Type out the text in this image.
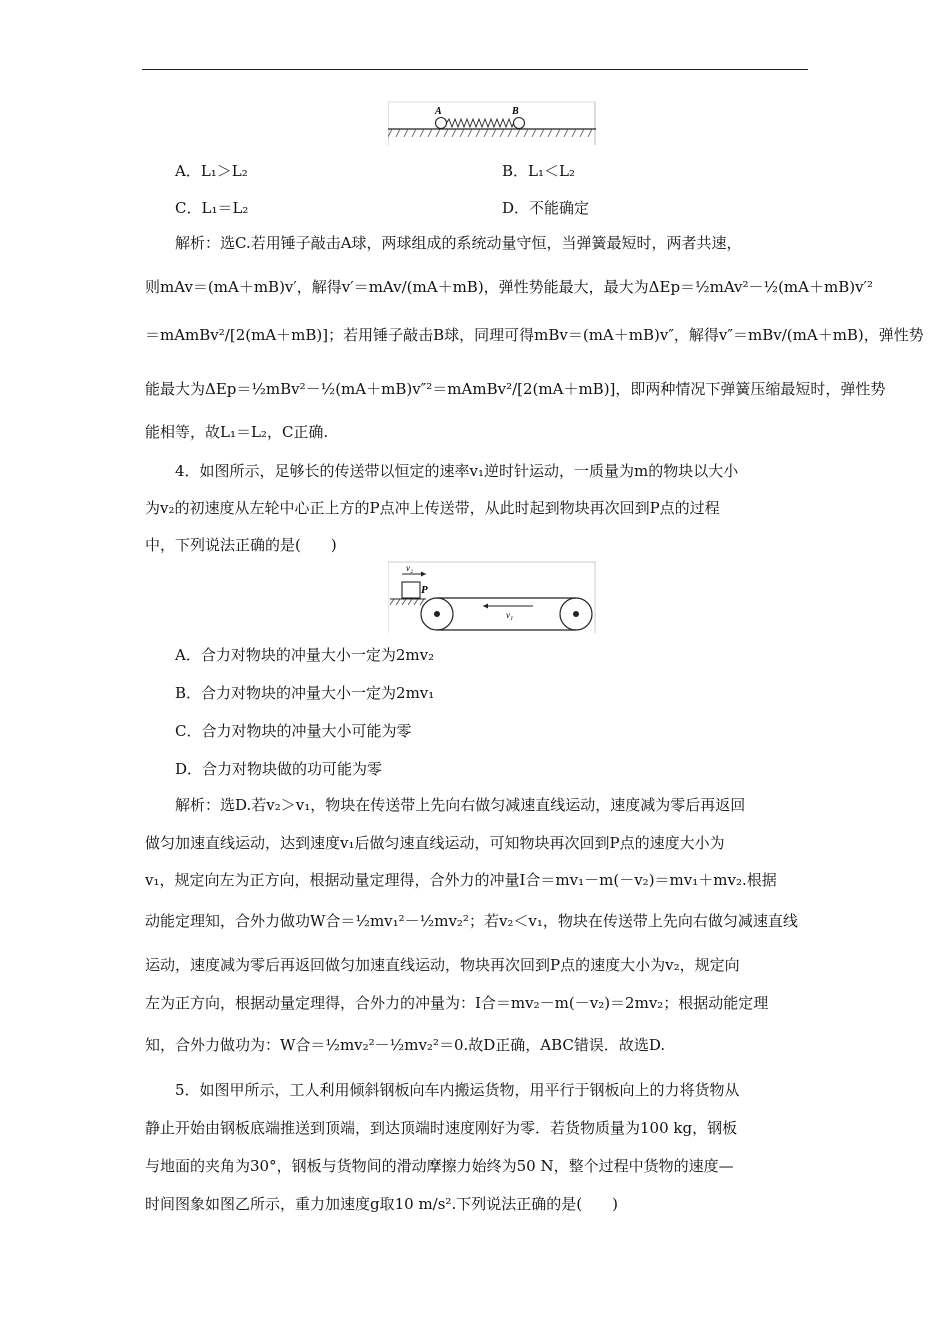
A	B
A．L₁＞L₂	B．L₁＜L₂
C．L₁＝L₂	D．不能确定
解析：选C.若用锤子敲击A球，两球组成的系统动量守恒，当弹簧最短时，两者共速，
则mAv＝(mA＋mB)v′，解得v′＝mAv/(mA＋mB)，弹性势能最大，最大为ΔEp＝½mAv²－½(mA＋mB)v′²
＝mAmBv²/[2(mA＋mB)]；若用锤子敲击B球，同理可得mBv＝(mA＋mB)v″，解得v″＝mBv/(mA＋mB)，弹性势
能最大为ΔEp＝½mBv²－½(mA＋mB)v″²＝mAmBv²/[2(mA＋mB)]，即两种情况下弹簧压缩最短时，弹性势
能相等，故L₁＝L₂，C正确.
4．如图所示，足够长的传送带以恒定的速率v₁逆时针运动，一质量为m的物块以大小
为v₂的初速度从左轮中心正上方的P点冲上传送带，从此时起到物块再次回到P点的过程
中，下列说法正确的是(　　)
v₂
P
v₁
A．合力对物块的冲量大小一定为2mv₂
B．合力对物块的冲量大小一定为2mv₁
C．合力对物块的冲量大小可能为零
D．合力对物块做的功可能为零
解析：选D.若v₂＞v₁，物块在传送带上先向右做匀减速直线运动，速度减为零后再返回
做匀加速直线运动，达到速度v₁后做匀速直线运动，可知物块再次回到P点的速度大小为
v₁，规定向左为正方向，根据动量定理得，合外力的冲量I合＝mv₁－m(－v₂)＝mv₁＋mv₂.根据
动能定理知，合外力做功W合＝½mv₁²－½mv₂²；若v₂＜v₁，物块在传送带上先向右做匀减速直线
运动，速度减为零后再返回做匀加速直线运动，物块再次回到P点的速度大小为v₂，规定向
左为正方向，根据动量定理得，合外力的冲量为：I合＝mv₂－m(－v₂)＝2mv₂；根据动能定理
知，合外力做功为：W合＝½mv₂²－½mv₂²＝0.故D正确，ABC错误．故选D.
5．如图甲所示，工人利用倾斜钢板向车内搬运货物，用平行于钢板向上的力将货物从
静止开始由钢板底端推送到顶端，到达顶端时速度刚好为零．若货物质量为100 kg，钢板
与地面的夹角为30°，钢板与货物间的滑动摩擦力始终为50 N，整个过程中货物的速度—
时间图象如图乙所示，重力加速度g取10 m/s².下列说法正确的是(　　)
